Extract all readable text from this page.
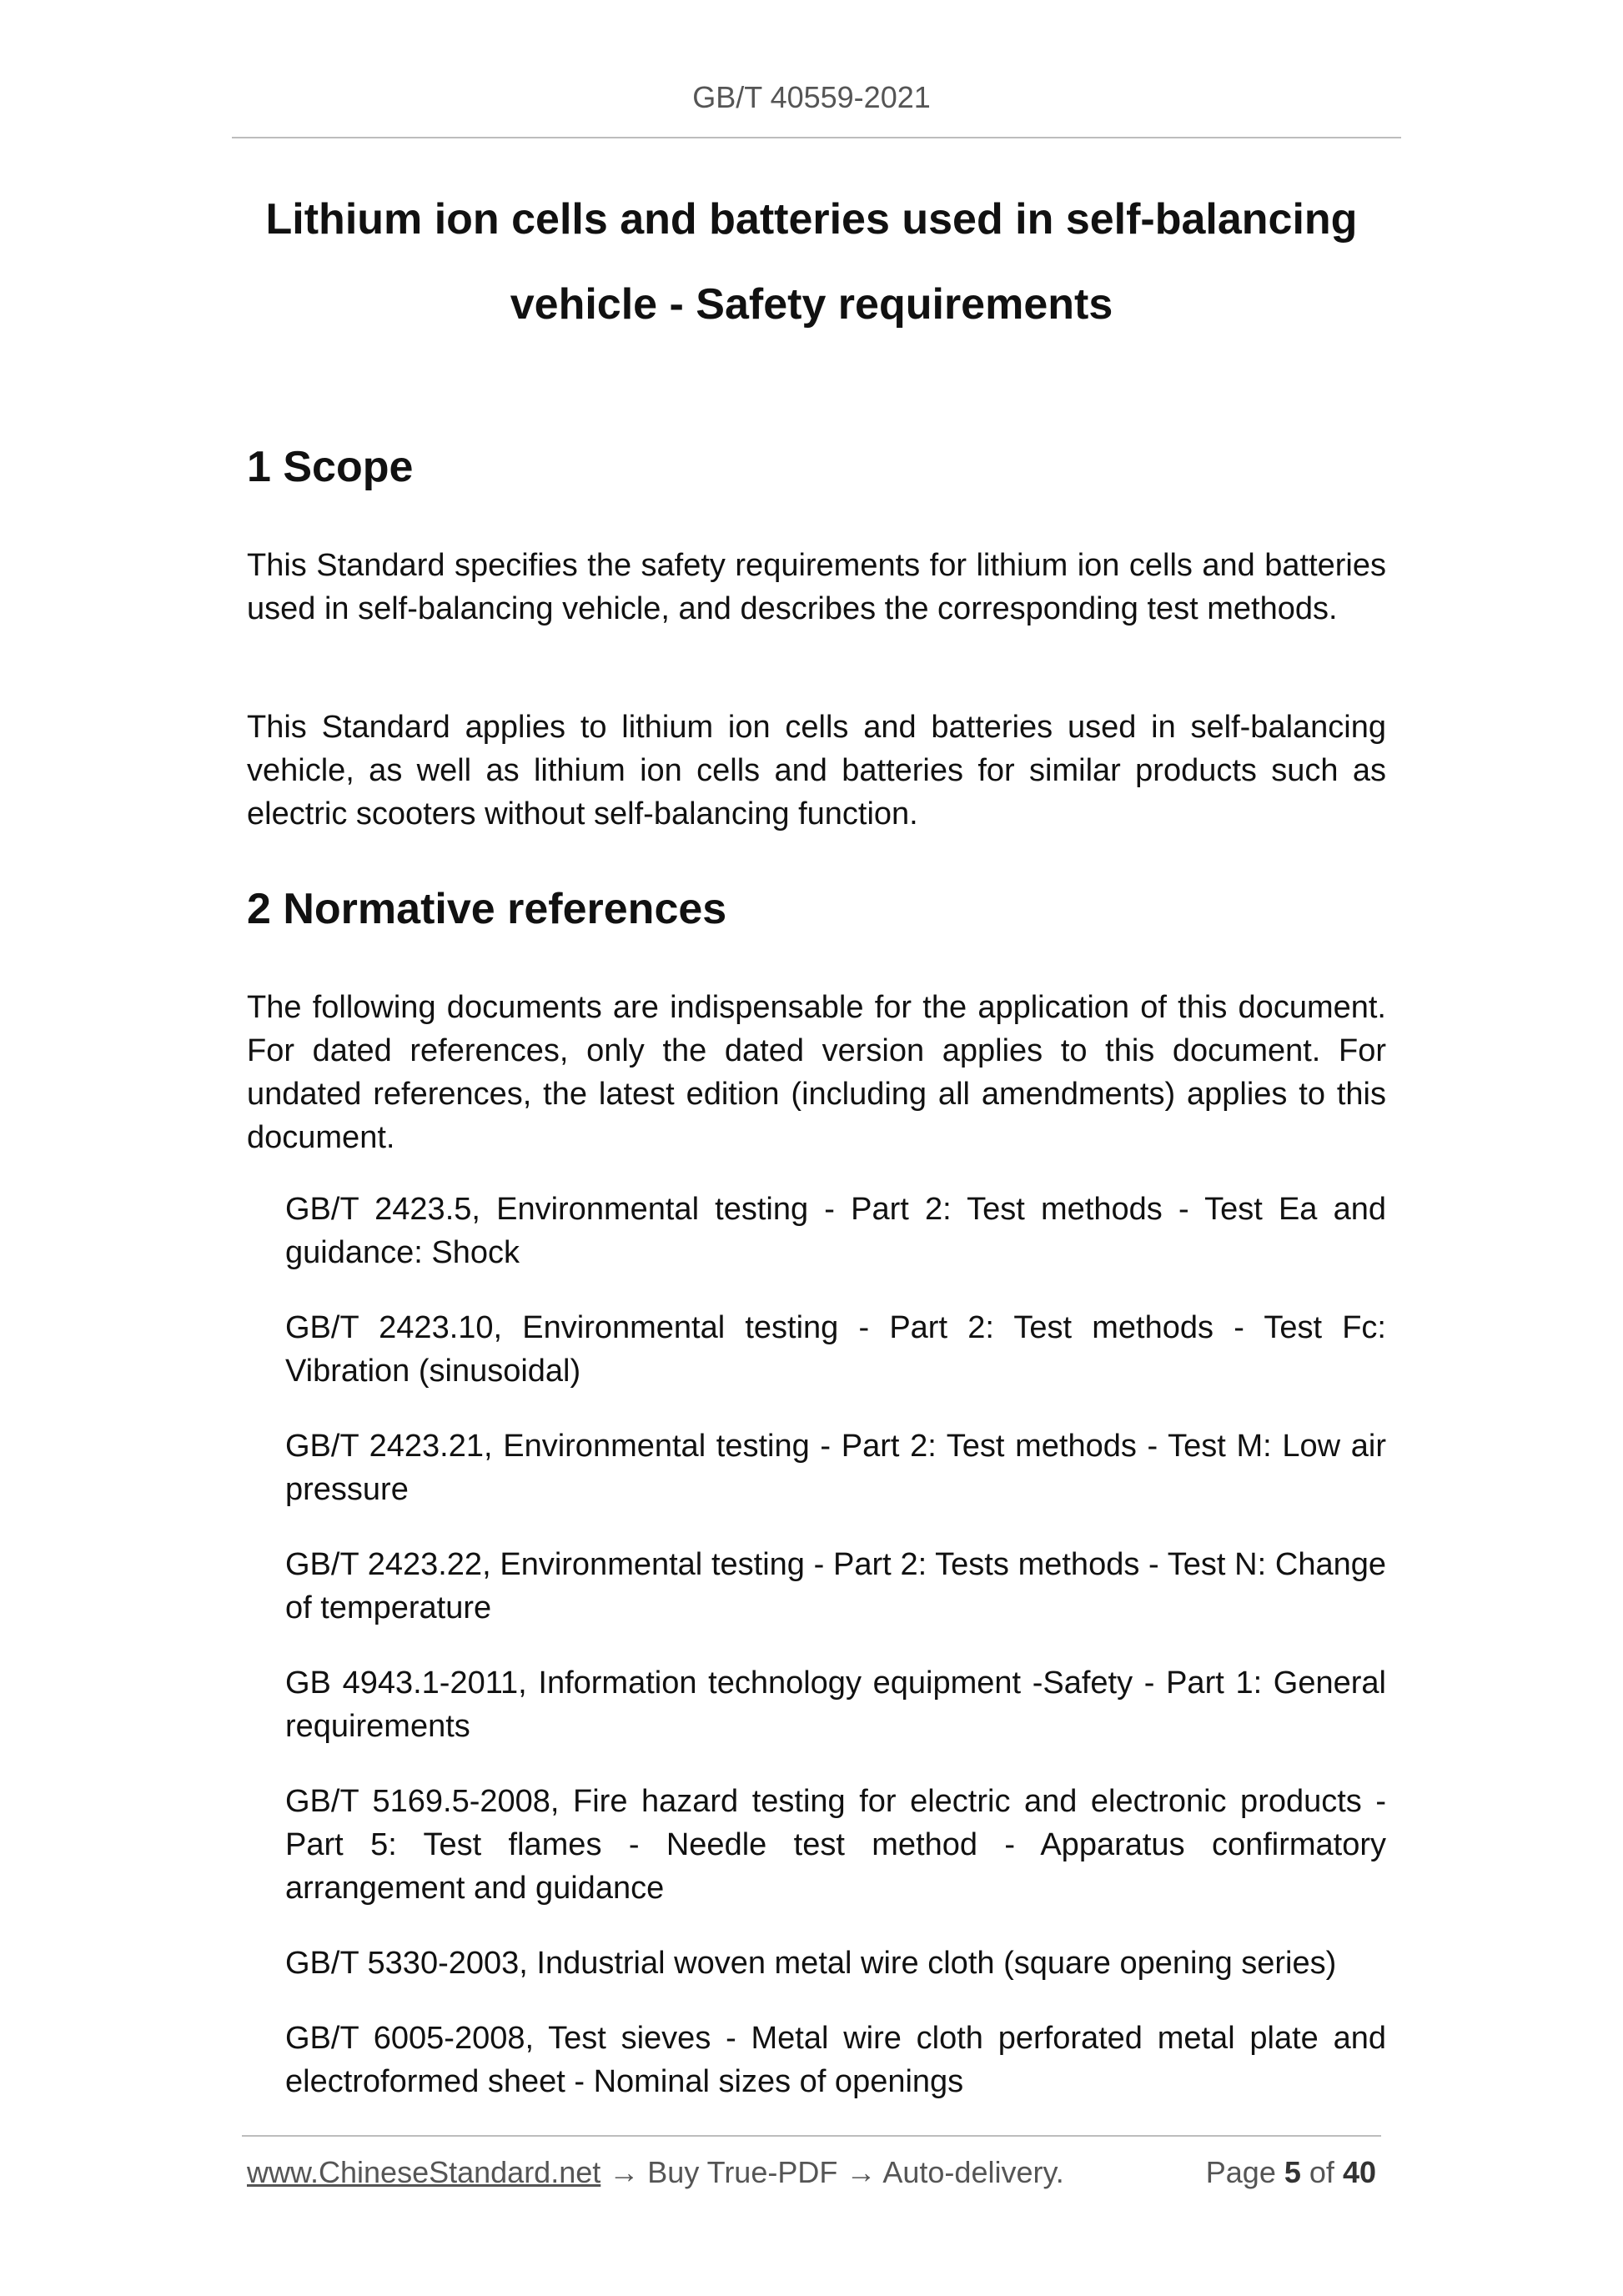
GB/T 40559-2021
Lithium ion cells and batteries used in self-balancing
vehicle - Safety requirements
1 Scope

This Standard specifies the safety requirements for lithium ion cells and batteries used in self-balancing vehicle, and describes the corresponding test methods.

This Standard applies to lithium ion cells and batteries used in self-balancing vehicle, as well as lithium ion cells and batteries for similar products such as electric scooters without self-balancing function.

2 Normative references

The following documents are indispensable for the application of this document. For dated references, only the dated version applies to this document. For undated references, the latest edition (including all amendments) applies to this document.

GB/T 2423.5, Environmental testing - Part 2: Test methods - Test Ea and guidance: Shock

GB/T 2423.10, Environmental testing - Part 2: Test methods - Test Fc: Vibration (sinusoidal)

GB/T 2423.21, Environmental testing - Part 2: Test methods - Test M: Low air pressure

GB/T 2423.22, Environmental testing - Part 2: Tests methods - Test N: Change of temperature

GB 4943.1-2011, Information technology equipment -Safety - Part 1: General requirements

GB/T 5169.5-2008, Fire hazard testing for electric and electronic products - Part 5: Test flames - Needle test method - Apparatus confirmatory arrangement and guidance

GB/T 5330-2003, Industrial woven metal wire cloth (square opening series)

GB/T 6005-2008, Test sieves - Metal wire cloth perforated metal plate and electroformed sheet - Nominal sizes of openings

www.ChineseStandard.net → Buy True-PDF → Auto-delivery.	Page 5 of 40
